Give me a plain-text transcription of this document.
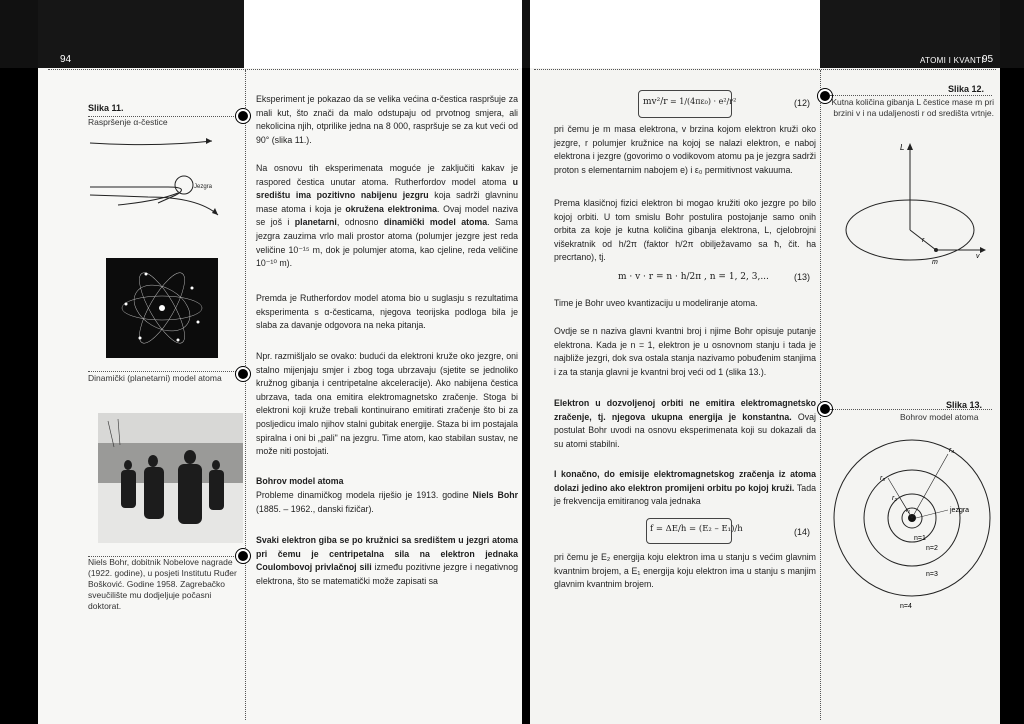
94
Slika 11.
Raspršenje α-čestice
Jezgra
Dinamički (planetarni) model atoma
Niels Bohr, dobitnik Nobelove nagrade (1922. godine), u posjeti Institutu Ruđer Bošković. Godine 1958. Zagrebačko sveučilište mu dodjeljuje počasni doktorat.
Eksperiment je pokazao da se velika većina α-čestica raspršuje za mali kut, što znači da malo odstupaju od prvotnog smjera, ali nekolicina njih, otprilike jedna na 8 000, raspršuje se za kut veći od 90° (slika 11.).
Na osnovu tih eksperimenata moguće je zaključiti kakav je raspored čestica unutar atoma. Rutherfordov model atoma u središtu ima pozitivno nabijenu jezgru koja sadrži glavninu mase atoma i koja je okružena elektronima. Ovaj model naziva se još i planetarni, odnosno dinamički model atoma. Sama jezgra zauzima vrlo mali prostor atoma (polumjer jezgre jest reda veličine 10⁻¹⁵ m, dok je polumjer atoma, kao cjeline, reda veličine 10⁻¹⁰ m).
Premda je Rutherfordov model atoma bio u suglasju s rezultatima eksperimenta s α-česticama, njegova teorijska podloga bila je slaba za davanje odgovora na neka pitanja.
Npr. razmišljalo se ovako: budući da elektroni kruže oko jezgre, oni stalno mijenjaju smjer i zbog toga ubrzavaju (sjetite se jednoliko kružnog gibanja i centripetalne akceleracije). Ako nabijena čestica ubrzava, tada ona emitira elektromagnetsko zračenje. Stoga bi elektroni koji kruže trebali kontinuirano emitirati zračenje što bi za posljedicu imalo njihov stalni gubitak energije. Staza bi im postajala spiralna i oni bi „pali" na jezgru. Time atom, kao stabilan sustav, ne može niti postojati.
Bohrov model atoma
Probleme dinamičkog modela riješio je 1913. godine Niels Bohr (1885. – 1962., danski fizičar).
Svaki elektron giba se po kružnici sa središtem u jezgri atoma pri čemu je centripetalna sila na elektron jednaka Coulombovoj privlačnoj sili između pozitivne jezgre i negativnog elektrona, što se matematički može zapisati sa
ATOMI I KVANTI
95
mv²/r = 1/(4πε₀) · e²/r²	(12)
pri čemu je m masa elektrona, v brzina kojom elektron kruži oko jezgre, r polumjer kružnice na kojoj se nalazi elektron, e naboj elektrona i jezgre (govorimo o vodikovom atomu pa je jezgra sadrži proton s elementarnim nabojem e) i ε₀ permitivnost vakuuma.
Prema klasičnoj fizici elektron bi mogao kružiti oko jezgre po bilo kojoj orbiti. U tom smislu Bohr postulira postojanje samo onih orbita za koje je kutna količina gibanja elektrona, L, cjelobrojni višekratnik od h/2π (faktor h/2π obilježavamo sa ħ, čit. ha precrtano), tj.
m · v · r = n · h/2π , n = 1, 2, 3,...	(13)
Time je Bohr uveo kvantizaciju u modeliranje atoma.
Ovdje se n naziva glavni kvantni broj i njime Bohr opisuje putanje elektrona. Kada je n = 1, elektron je u osnovnom stanju i tada je najbliže jezgri, dok sva ostala stanja nazivamo pobuđenim stanjima i za ta stanja glavni je kvantni broj veći od 1 (slika 13.).
Elektron u dozvoljenoj orbiti ne emitira elektromagnetsko zračenje, tj. njegova ukupna energija je konstantna. Ovaj postulat Bohr uvodi na osnovu eksperimenata koji su dokazali da su atomi stabilni.
I konačno, do emisije elektromagnetskog zračenja iz atoma dolazi jedino ako elektron promijeni orbitu po kojoj kruži. Tada je frekvencija emitiranog vala jednaka
f = ΔE/h = (E₂ – E₁)/h	(14)
pri čemu je E₂ energija koju elektron ima u stanju s većim glavnim kvantnim brojem, a E₁ energija koju elektron ima u stanju s manjim glavnim kvantnim brojem.
Slika 12.
Kutna količina gibanja L čestice mase m pri brzini v i na udaljenosti r od središta vrtnje.
L
r
v
m
Slika 13.
Bohrov model atoma
r₄
r₃
r₂
r₁	jezgra
n=1
n=2
n=3
n=4
